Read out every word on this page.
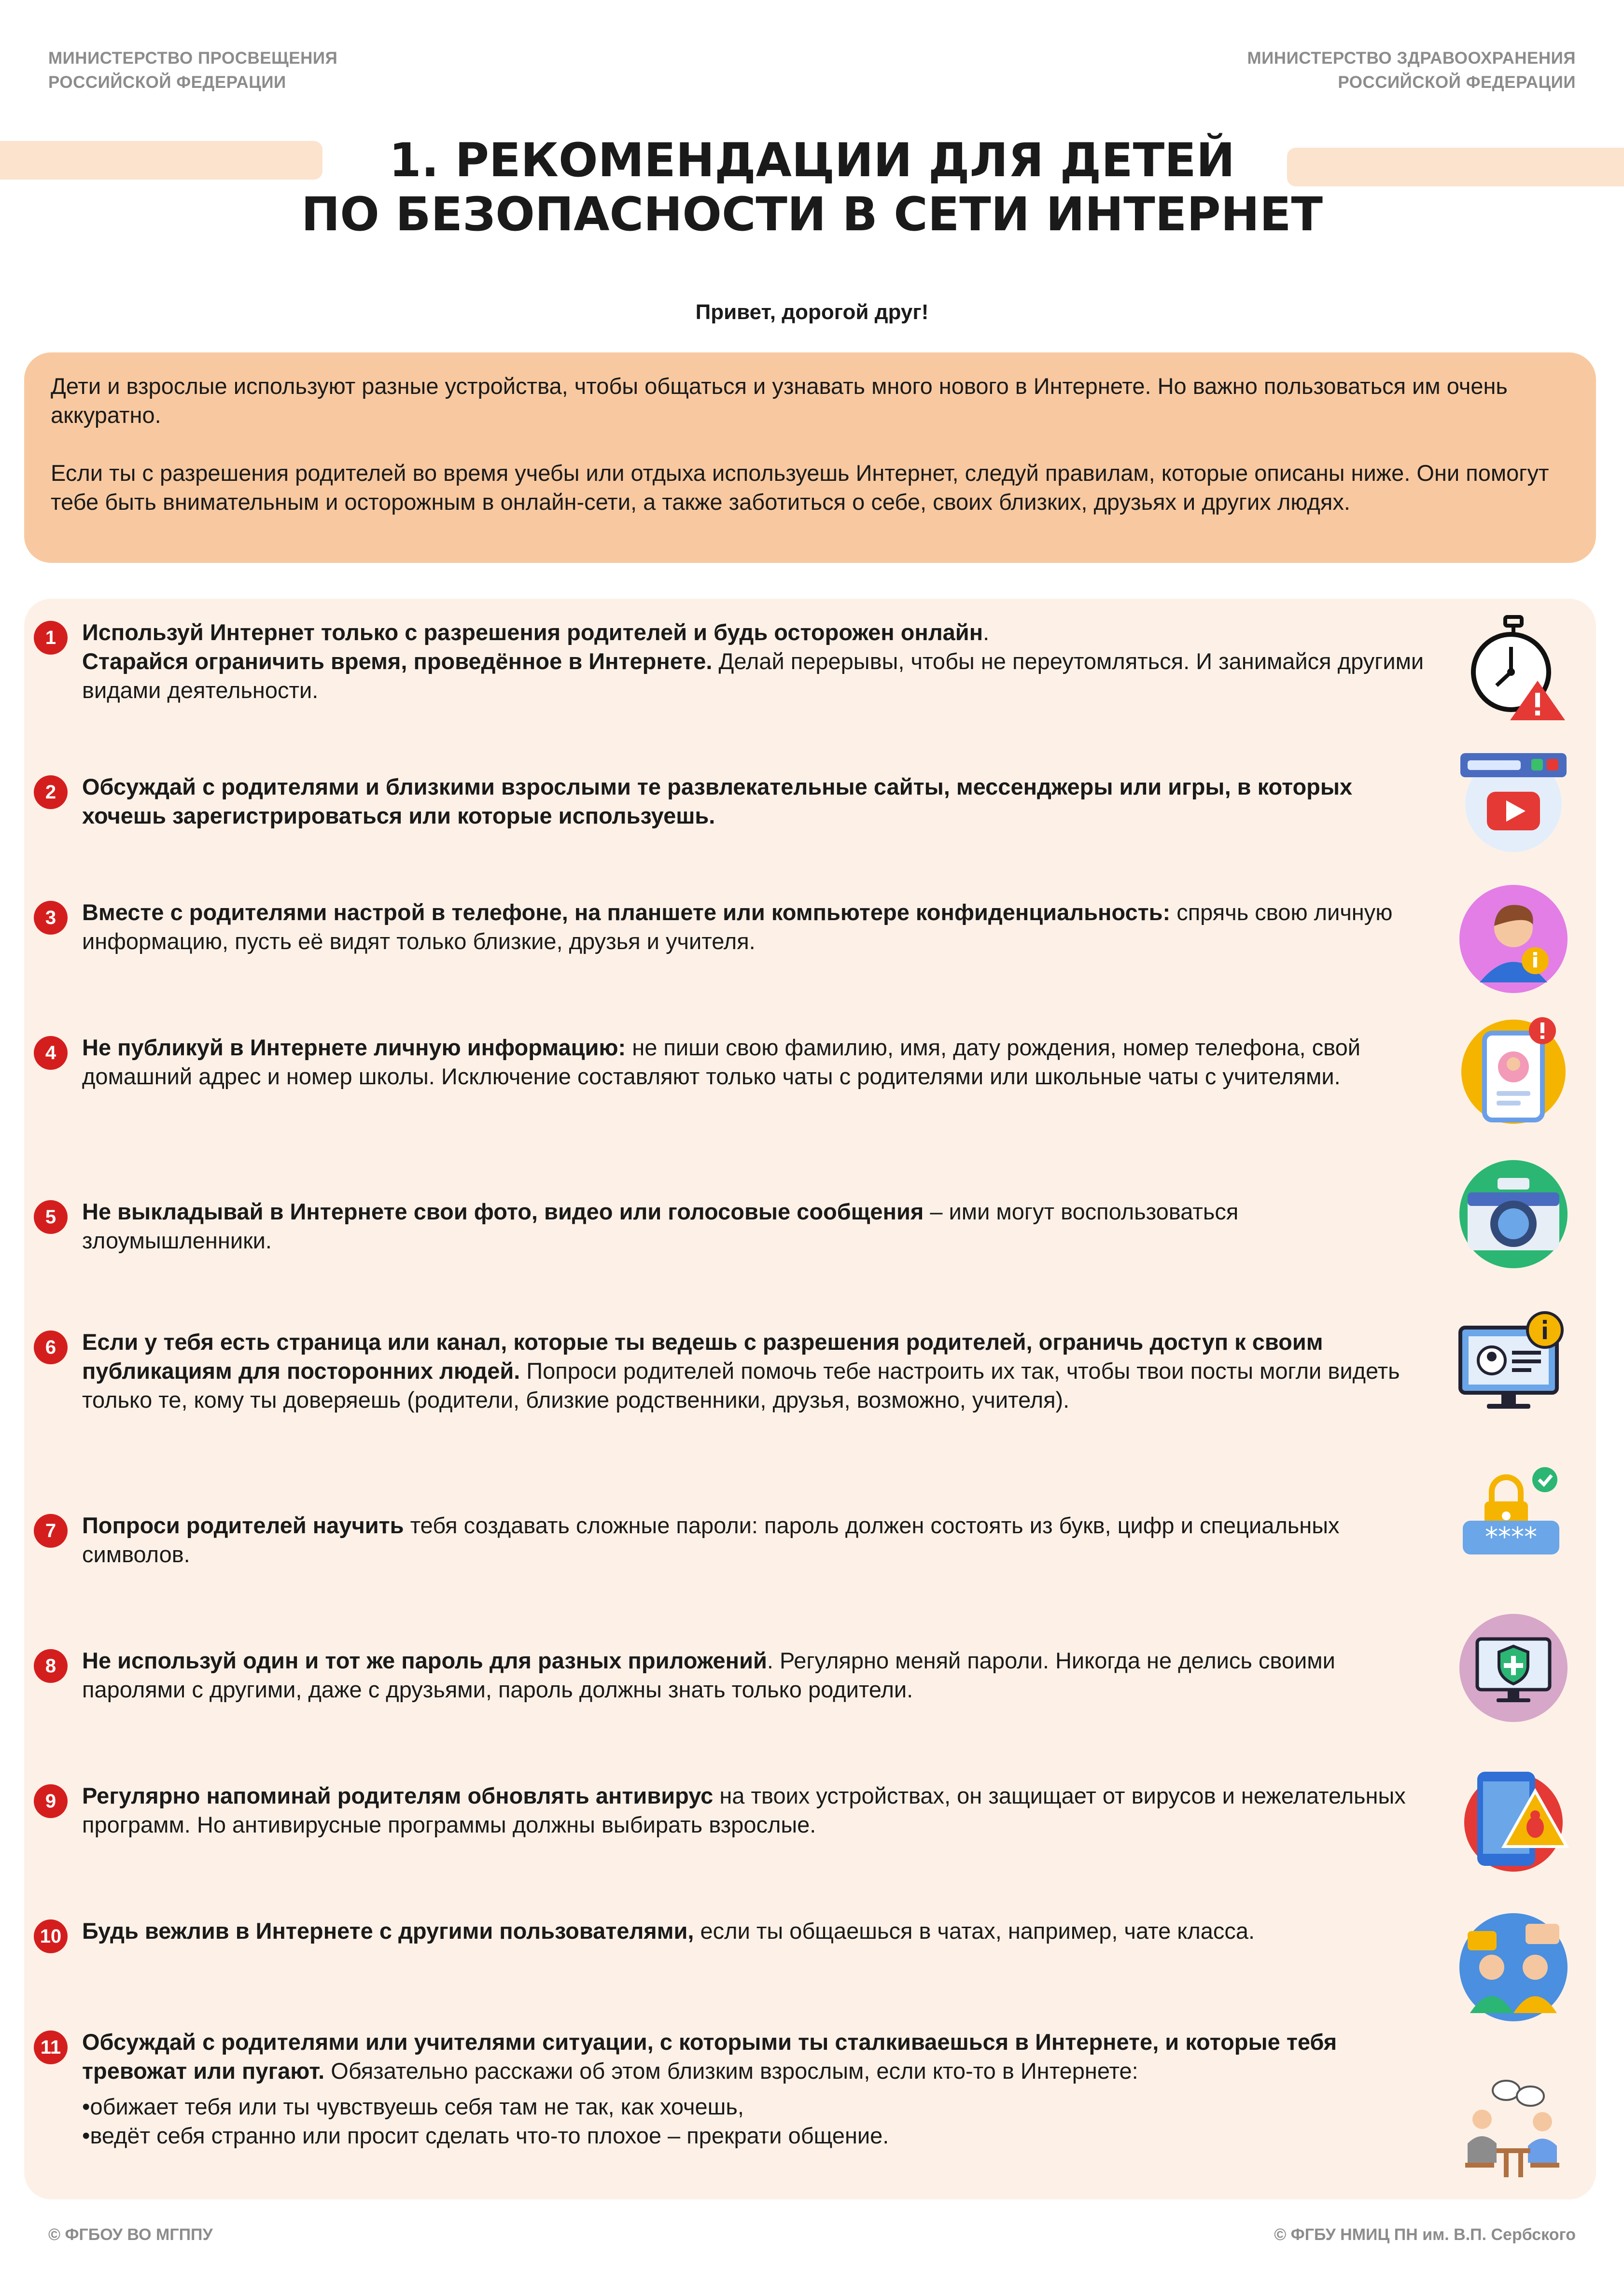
МИНИСТЕРСТВО ПРОСВЕЩЕНИЯ
РОССИЙСКОЙ ФЕДЕРАЦИИ
МИНИСТЕРСТВО ЗДРАВООХРАНЕНИЯ
РОССИЙСКОЙ ФЕДЕРАЦИИ
1. РЕКОМЕНДАЦИИ ДЛЯ ДЕТЕЙ
ПО БЕЗОПАСНОСТИ В СЕТИ ИНТЕРНЕТ
Привет, дорогой друг!

Дети и взрослые используют разные устройства, чтобы общаться и узнавать много нового в Интернете. Но важно пользоваться им очень аккуратно.

Если ты с разрешения родителей во время учебы или отдыха используешь Интернет, следуй правилам, которые описаны ниже. Они помогут тебе быть внимательным и осторожным в онлайн-сети, а также заботиться о себе, своих близких, друзьях и других людях.

1	Используй Интернет только с разрешения родителей и будь осторожен онлайн.

Старайся ограничить время, проведённое в Интернете. Делай перерывы, чтобы не переутомляться. И занимайся другими видами деятельности.

2	Обсуждай с родителями и близкими взрослыми те развлекательные сайты, мессенджеры или игры, в которых хочешь зарегистрироваться или которые используешь.

3	Вместе с родителями настрой в телефоне, на планшете или компьютере конфиденциальность: спрячь свою личную информацию, пусть её видят только близкие, друзья и учителя.

4	Не публикуй в Интернете личную информацию: не пиши свою фамилию, имя, дату рождения, номер телефона, свой домашний адрес и номер школы. Исключение составляют только чаты с родителями или школьные чаты с учителями.

5	Не выкладывай в Интернете свои фото, видео или голосовые сообщения – ими могут воспользоваться злоумышленники.

6	Если у тебя есть страница или канал, которые ты ведешь с разрешения родителей, ограничь доступ к своим публикациям для посторонних людей. Попроси родителей помочь тебе настроить их так, чтобы твои посты могли видеть только те, кому ты доверяешь (родители, близкие родственники, друзья, возможно, учителя).

7	Попроси родителей научить тебя создавать сложные пароли: пароль должен состоять из букв, цифр и специальных символов.

****
8	Не используй один и тот же пароль для разных приложений. Регулярно меняй пароли. Никогда не делись своими паролями с другими, даже с друзьями, пароль должны знать только родители.

9	Регулярно напоминай родителям обновлять антивирус на твоих устройствах, он защищает от вирусов и нежелательных программ. Но антивирусные программы должны выбирать взрослые.

10 Будь вежлив в Интернете с другими пользователями, если ты общаешься в чатах, например, чате класса.

11 Обсуждай с родителями или учителями ситуации, с которыми ты сталкиваешься в Интернете, и которые тебя тревожат или пугают. Обязательно расскажи об этом близким взрослым, если кто-то в Интернете:

•обижает тебя или ты чувствуешь себя там не так, как хочешь,

•ведёт себя странно или просит сделать что-то плохое – прекрати общение.

© ФГБОУ ВО МГППУ	© ФГБУ НМИЦ ПН им. В.П. Сербского
